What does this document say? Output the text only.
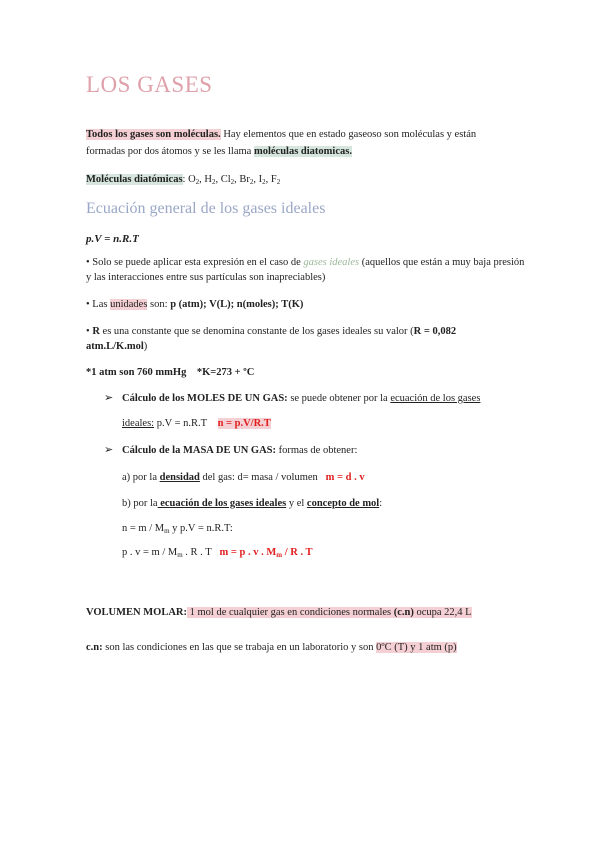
LOS GASES
Todos los gases son moléculas. Hay elementos que en estado gaseoso son moléculas y están
formadas por dos átomos y se les llama moléculas diatomicas.
Moléculas diatómicas: $O_2$, $H_2$, $Cl_2$, $Br_2$, $I_2$, $F_2$
Ecuación general de los gases ideales
p.V = n.R.T
• Solo se puede aplicar esta expresión en el caso de gases ideales (aquellos que están a muy baja presión
y las interacciones entre sus partículas son inapreciables)
• Las unidades son: p (atm); V(L); n(moles); T(K)
• R es una constante que se denomina constante de los gases ideales su valor (R = 0,082
atm.L/K.mol)
*1 atm son 760 mmHg *K=273 + ºC
➢ Cálculo de los MOLES DE UN GAS: se puede obtener por la ecuación de los gases
ideales: p.V = n.R.T n = p.V/R.T
➢ Cálculo de la MASA DE UN GAS: formas de obtener:
a) por la densidad del gas: d= masa / volumen m = d . v
b) por la ecuación de los gases ideales y el concepto de mol:
$n = m / M_m$ y p.V = n.R.T:
p . $v = m / M_m$ . R . T m = p . v . $M_m$ / R . T
VOLUMEN MOLAR: 1 mol de cualquier gas en condiciones normales (c.n) ocupa 22,4 L
c.n: son las condiciones en las que se trabaja en un laboratorio y son 0ºC (T) y 1 atm (p)
